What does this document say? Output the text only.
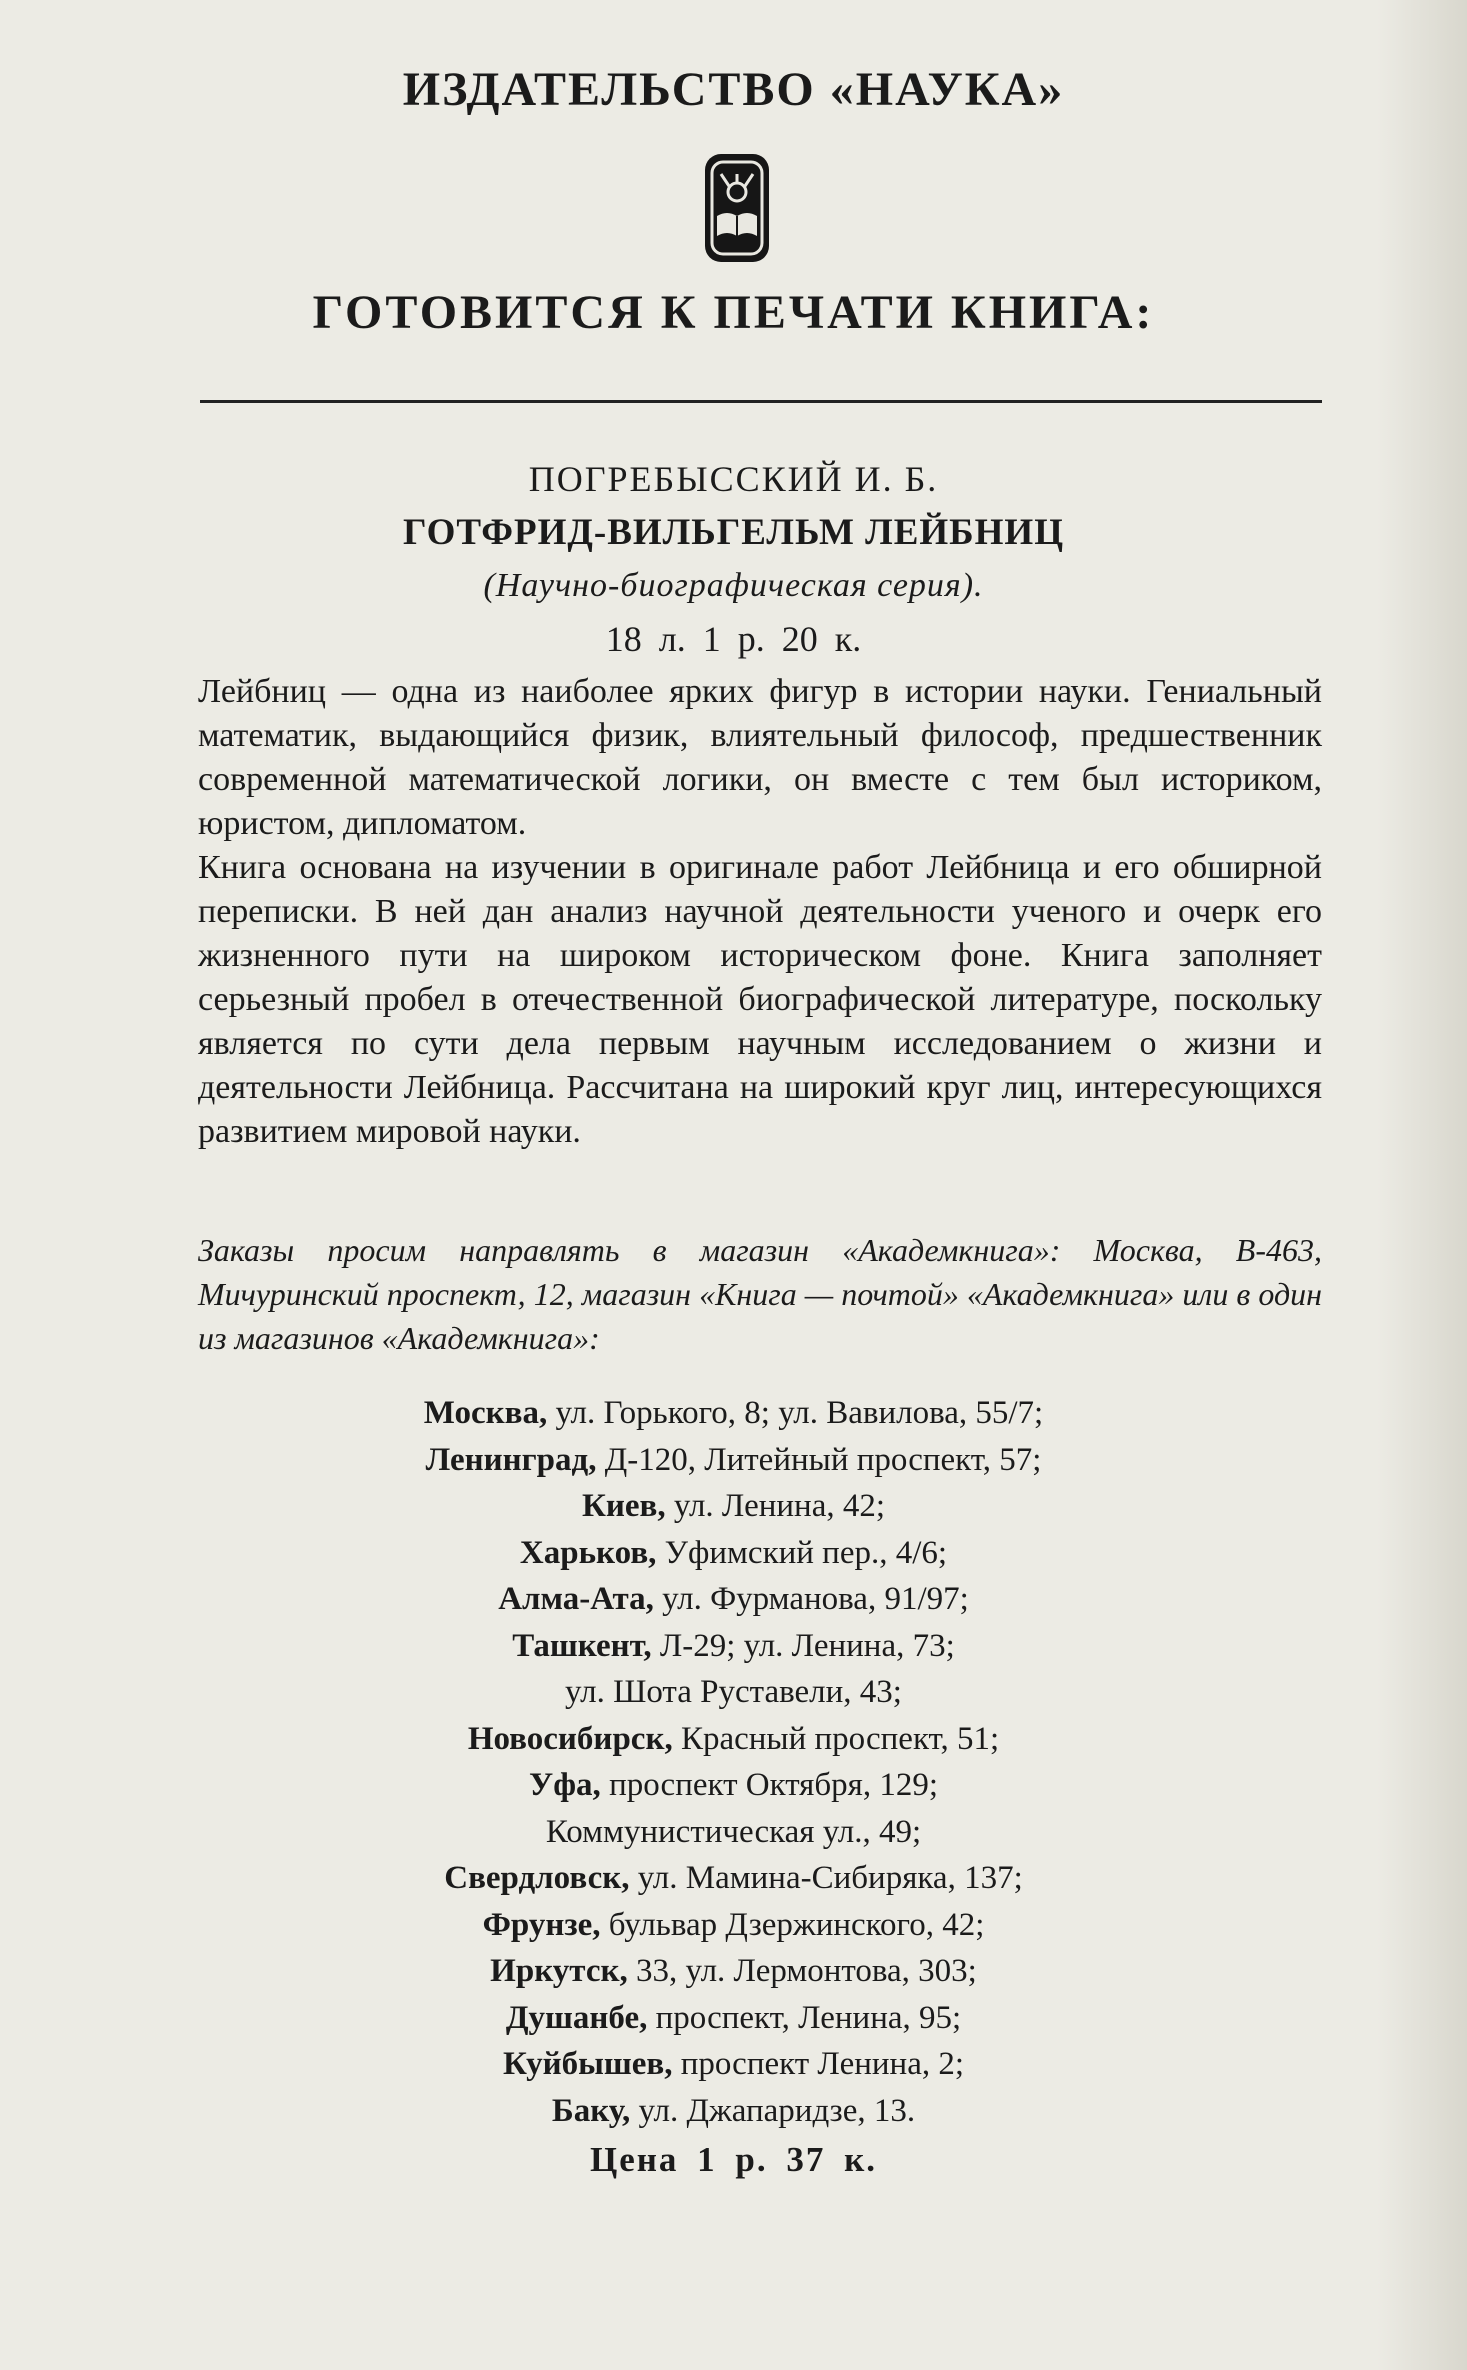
ИЗДАТЕЛЬСТВО «НАУКА»
ГОТОВИТСЯ К ПЕЧАТИ КНИГА:
ПОГРЕБЫССКИЙ И. Б.
ГОТФРИД-ВИЛЬГЕЛЬМ ЛЕЙБНИЦ
(Научно-биографическая серия).
18 л. 1 р. 20 к.

Лейбниц — одна из наиболее ярких фигур в истории науки. Гениальный математик, выдающийся физик, влиятельный философ, предшественник современной математической логики, он вместе с тем был историком, юристом, дипломатом.

Книга основана на изучении в оригинале работ Лейбница и его обширной переписки. В ней дан анализ научной деятельности ученого и очерк его жизненного пути на широком историческом фоне. Книга заполняет серьезный пробел в отечественной биографической литературе, поскольку является по сути дела первым научным исследованием о жизни и деятельности Лейбница. Рассчитана на широкий круг лиц, интересующихся развитием мировой науки.

Заказы просим направлять в магазин «Академкнига»: Москва, В-463, Мичуринский проспект, 12, магазин «Книга — почтой» «Академкнига» или в один из магазинов «Академкнига»:
Москва, ул. Горького, 8; ул. Вавилова, 55/7;
Ленинград, Д-120, Литейный проспект, 57;
Киев, ул. Ленина, 42;
Харьков, Уфимский пер., 4/6;
Алма-Ата, ул. Фурманова, 91/97;
Ташкент, Л-29; ул. Ленина, 73;
ул. Шота Руставели, 43;
Новосибирск, Красный проспект, 51;
Уфа, проспект Октября, 129;
Коммунистическая ул., 49;
Свердловск, ул. Мамина-Сибиряка, 137;
Фрунзе, бульвар Дзержинского, 42;
Иркутск, 33, ул. Лермонтова, 303;
Душанбе, проспект, Ленина, 95;
Куйбышев, проспект Ленина, 2;
Баку, ул. Джапаридзе, 13.
Цена 1 р. 37 к.
